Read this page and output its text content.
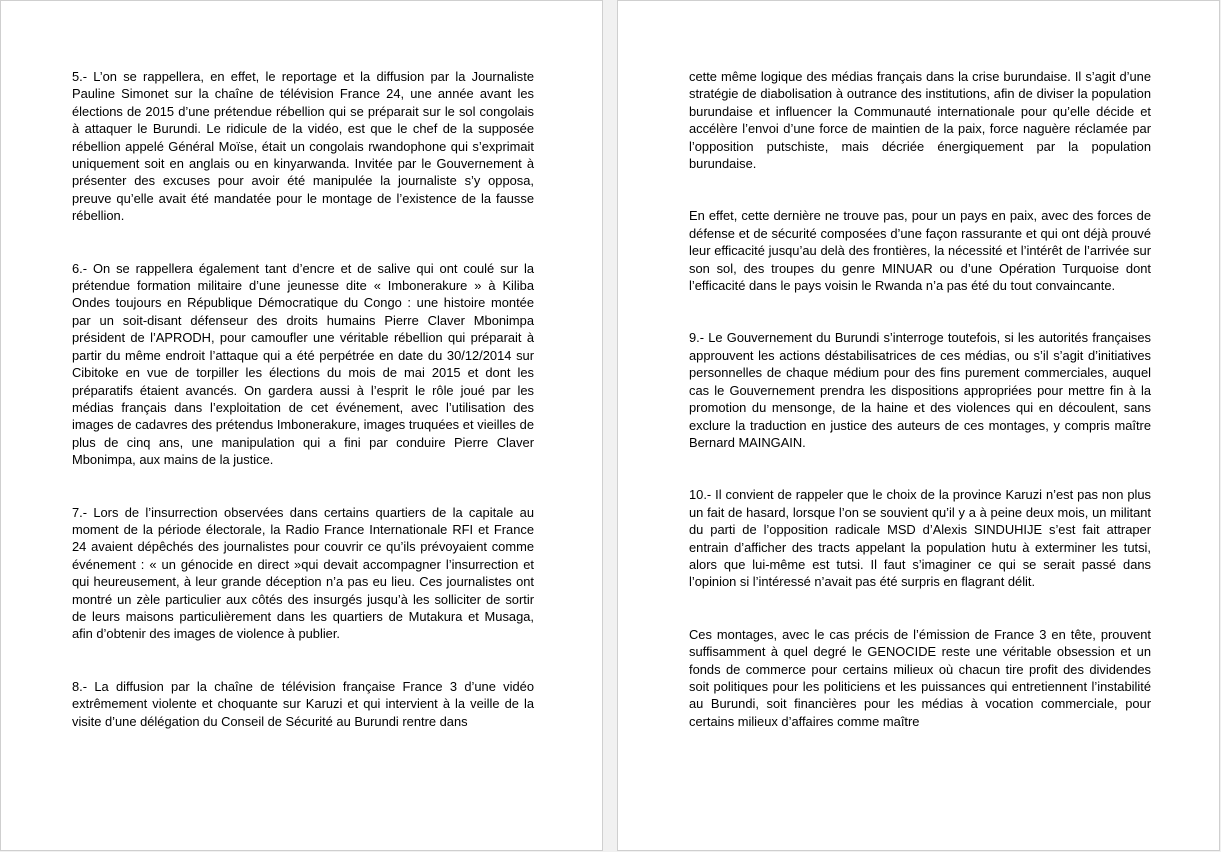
5.- L’on se rappellera, en effet, le reportage et la diffusion par la Journaliste Pauline Simonet sur la chaîne de télévision France 24, une année avant les élections de 2015 d’une prétendue rébellion qui se préparait sur le sol congolais à attaquer le Burundi. Le ridicule de la vidéo, est que le chef de la supposée rébellion appelé Général Moïse, était un congolais rwandophone qui s’exprimait uniquement soit en anglais ou en kinyarwanda. Invitée par le Gouvernement à présenter des excuses pour avoir été manipulée la journaliste s’y opposa, preuve qu’elle avait été mandatée pour le montage de l’existence de la fausse rébellion.

6.- On se rappellera également tant d’encre et de salive qui ont coulé sur la prétendue formation militaire d’une jeunesse dite « Imbonerakure » à Kiliba Ondes toujours en République Démocratique du Congo : une histoire montée par un soit-disant défenseur des droits humains Pierre Claver Mbonimpa président de l’APRODH, pour camoufler une véritable rébellion qui préparait à partir du même endroit l’attaque qui a été perpétrée en date du 30/12/2014 sur Cibitoke en vue de torpiller les élections du mois de mai 2015 et dont les préparatifs étaient avancés. On gardera aussi à l’esprit le rôle joué par les médias français dans l’exploitation de cet événement, avec l’utilisation des images de cadavres des prétendus Imbonerakure, images truquées et vieilles de plus de cinq ans, une manipulation qui a fini par conduire Pierre Claver Mbonimpa, aux mains de la justice.

7.- Lors de l’insurrection observées dans certains quartiers de la capitale au moment de la période électorale, la Radio France Internationale RFI et France 24 avaient dépêchés des journalistes pour couvrir ce qu’ils prévoyaient comme événement : « un génocide en direct »qui devait accompagner l’insurrection et qui heureusement, à leur grande déception n’a pas eu lieu. Ces journalistes ont montré un zèle particulier aux côtés des insurgés jusqu’à les solliciter de sortir de leurs maisons particulièrement dans les quartiers de Mutakura et Musaga, afin d’obtenir des images de violence à publier.

8.- La diffusion par la chaîne de télévision française France 3 d’une vidéo extrêmement violente et choquante sur Karuzi et qui intervient à la veille de la visite d’une délégation du Conseil de Sécurité au Burundi rentre dans

cette même logique des médias français dans la crise burundaise. Il s’agit d’une stratégie de diabolisation à outrance des institutions, afin de diviser la population burundaise et influencer la Communauté internationale pour qu’elle décide et accélère l’envoi d’une force de maintien de la paix, force naguère réclamée par l’opposition putschiste, mais décriée énergiquement par la population burundaise.

En effet, cette dernière ne trouve pas, pour un pays en paix, avec des forces de défense et de sécurité composées d’une façon rassurante et qui ont déjà prouvé leur efficacité jusqu’au delà des frontières, la nécessité et l’intérêt de l’arrivée sur son sol, des troupes du genre MINUAR ou d’une Opération Turquoise dont l’efficacité dans le pays voisin le Rwanda n’a pas été du tout convaincante.

9.- Le Gouvernement du Burundi s’interroge toutefois, si les autorités françaises approuvent les actions déstabilisatrices de ces médias, ou s’il s’agit d’initiatives personnelles de chaque médium pour des fins purement commerciales, auquel cas le Gouvernement prendra les dispositions appropriées pour mettre fin à la promotion du mensonge, de la haine et des violences qui en découlent, sans exclure la traduction en justice des auteurs de ces montages, y compris maître Bernard MAINGAIN.

10.- Il convient de rappeler que le choix de la province Karuzi n’est pas non plus un fait de hasard, lorsque l’on se souvient qu’il y a à peine deux mois, un militant du parti de l’opposition radicale MSD d’Alexis SINDUHIJE s’est fait attraper entrain d’afficher des tracts appelant la population hutu à exterminer les tutsi, alors que lui-même est tutsi. Il faut s’imaginer ce qui se serait passé dans l’opinion si l’intéressé n’avait pas été surpris en flagrant délit.

Ces montages, avec le cas précis de l’émission de France 3 en tête, prouvent suffisamment à quel degré le GENOCIDE reste une véritable obsession et un fonds de commerce pour certains milieux où chacun tire profit des dividendes soit politiques pour les politiciens et les puissances qui entretiennent l’instabilité au Burundi, soit financières pour les médias à vocation commerciale, pour certains milieux d’affaires comme maître
